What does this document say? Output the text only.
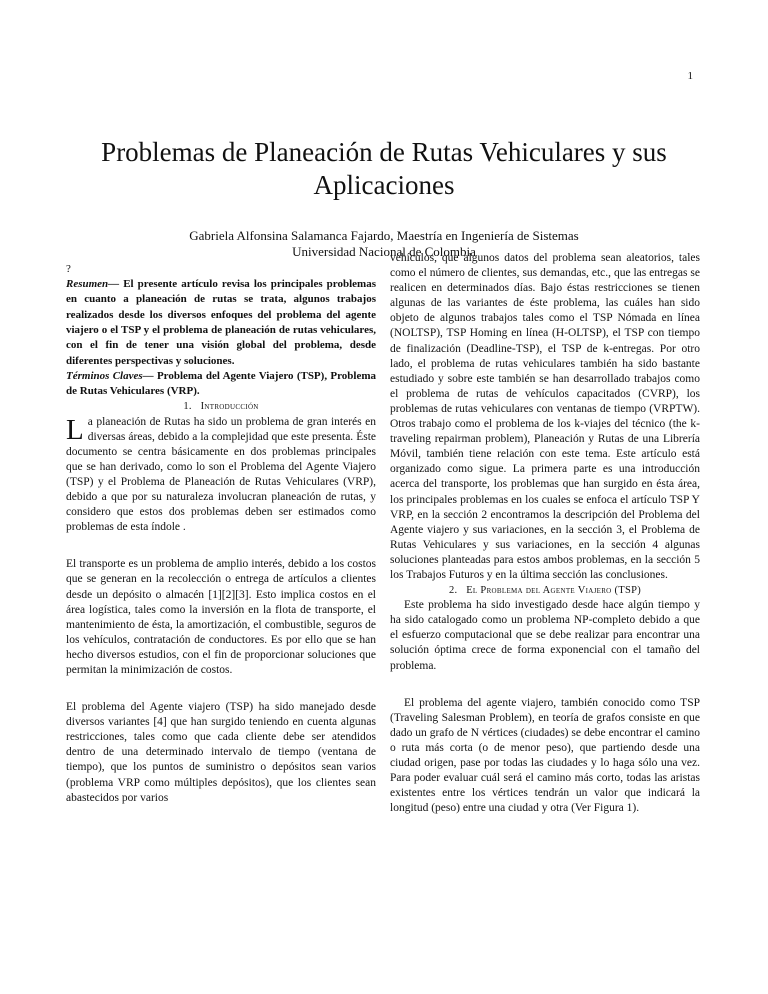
1
Problemas de Planeación de Rutas Vehiculares y sus Aplicaciones
Gabriela Alfonsina Salamanca Fajardo, Maestría en Ingeniería de Sistemas
Universidad Nacional de Colombia

?

Resumen— El presente artículo revisa los principales problemas en cuanto a planeación de rutas se trata, algunos trabajos realizados desde los diversos enfoques del problema del agente viajero o el TSP y el problema de planeación de rutas vehiculares, con el fin de tener una visión global del problema, desde diferentes perspectivas y soluciones.

Términos Claves— Problema del Agente Viajero (TSP), Problema de Rutas Vehiculares (VRP).

1. Introducción

La planeación de Rutas ha sido un problema de gran interés en diversas áreas, debido a la complejidad que este presenta. Éste documento se centra básicamente en dos problemas principales que se han derivado, como lo son el Problema del Agente Viajero (TSP) y el Problema de Planeación de Rutas Vehiculares (VRP), debido a que por su naturaleza involucran planeación de rutas, y considero que estos dos problemas deben ser estimados como problemas de esta índole .

El transporte es un problema de amplio interés, debido a los costos que se generan en la recolección o entrega de artículos a clientes desde un depósito o almacén [1][2][3]. Esto implica costos en el área logística, tales como la inversión en la flota de transporte, el mantenimiento de ésta, la amortización, el combustible, seguros de los vehículos, contratación de conductores. Es por ello que se han hecho diversos estudios, con el fin de proporcionar soluciones que permitan la minimización de costos.

El problema del Agente viajero (TSP) ha sido manejado desde diversos variantes [4] que han surgido teniendo en cuenta algunas restricciones, tales como que cada cliente debe ser atendidos dentro de una determinado intervalo de tiempo (ventana de tiempo), que los puntos de suministro o depósitos sean varios (problema VRP como múltiples depósitos), que los clientes sean abastecidos por varios

vehículos, que algunos datos del problema sean aleatorios, tales como el número de clientes, sus demandas, etc., que las entregas se realicen en determinados días. Bajo éstas restricciones se tienen algunas de las variantes de éste problema, las cuáles han sido objeto de algunos trabajos tales como el TSP Nómada en línea (NOLTSP), TSP Homing en línea (H-OLTSP), el TSP con tiempo de finalización (Deadline-TSP), el TSP de k-entregas. Por otro lado, el problema de rutas vehiculares también ha sido bastante estudiado y sobre este también se han desarrollado trabajos como el problema de rutas de vehículos capacitados (CVRP), los problemas de rutas vehiculares con ventanas de tiempo (VRPTW). Otros trabajo como el problema de los k-viajes del técnico (the k-traveling repairman problem), Planeación y Rutas de una Librería Móvil, también tiene relación con este tema. Este artículo está organizado como sigue. La primera parte es una introducción acerca del transporte, los problemas que han surgido en ésta área, los principales problemas en los cuales se enfoca el artículo TSP Y VRP, en la sección 2 encontramos la descripción del Problema del Agente viajero y sus variaciones, en la sección 3, el Problema de Rutas Vehiculares y sus variaciones, en la sección 4 algunas soluciones planteadas para estos ambos problemas, en la sección 5 los Trabajos Futuros y en la última sección las conclusiones.

2. El Problema del Agente Viajero (TSP)

Este problema ha sido investigado desde hace algún tiempo y ha sido catalogado como un problema NP-completo debido a que el esfuerzo computacional que se debe realizar para encontrar una solución óptima crece de forma exponencial con el tamaño del problema.

El problema del agente viajero, también conocido como TSP (Traveling Salesman Problem), en teoría de grafos consiste en que dado un grafo de N vértices (ciudades) se debe encontrar el camino o ruta más corta (o de menor peso), que partiendo desde una ciudad origen, pase por todas las ciudades y lo haga sólo una vez. Para poder evaluar cuál será el camino más corto, todas las aristas existentes entre los vértices tendrán un valor que indicará la longitud (peso) entre una ciudad y otra (Ver Figura 1).
